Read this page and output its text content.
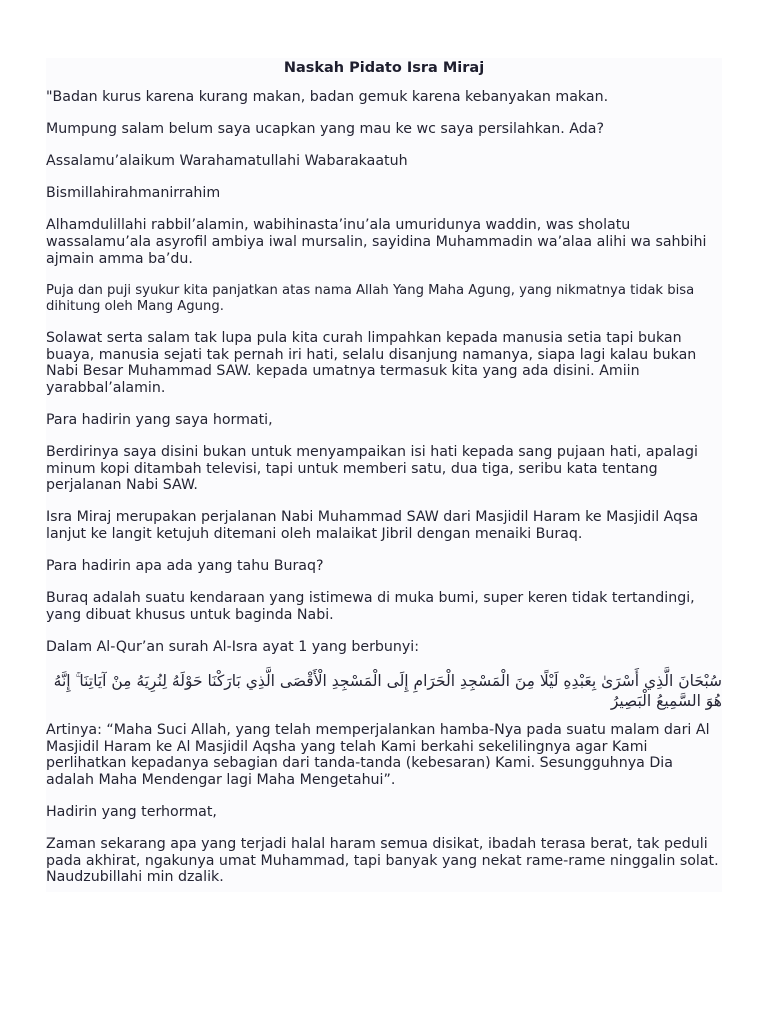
Naskah Pidato Isra Miraj

"Badan kurus karena kurang makan, badan gemuk karena kebanyakan makan.

Mumpung salam belum saya ucapkan yang mau ke wc saya persilahkan. Ada?

Assalamu’alaikum Warahamatullahi Wabarakaatuh

Bismillahirahmanirrahim

Alhamdulillahi rabbil’alamin, wabihinasta’inu’ala umuridunya waddin, was sholatu wassalamu’ala asyrofil ambiya iwal mursalin, sayidina Muhammadin wa’alaa alihi wa sahbihi ajmain amma ba’du.

Puja dan puji syukur kita panjatkan atas nama Allah Yang Maha Agung, yang nikmatnya tidak bisa dihitung oleh Mang Agung.

Solawat serta salam tak lupa pula kita curah limpahkan kepada manusia setia tapi bukan buaya, manusia sejati tak pernah iri hati, selalu disanjung namanya, siapa lagi kalau bukan Nabi Besar Muhammad SAW. kepada umatnya termasuk kita yang ada disini. Amiin yarabbal’alamin.

Para hadirin yang saya hormati,

Berdirinya saya disini bukan untuk menyampaikan isi hati kepada sang pujaan hati, apalagi minum kopi ditambah televisi, tapi untuk memberi satu, dua tiga, seribu kata tentang perjalanan Nabi SAW.

Isra Miraj merupakan perjalanan Nabi Muhammad SAW dari Masjidil Haram ke Masjidil Aqsa lanjut ke langit ketujuh ditemani oleh malaikat Jibril dengan menaiki Buraq.

Para hadirin apa ada yang tahu Buraq?

Buraq adalah suatu kendaraan yang istimewa di muka bumi, super keren tidak tertandingi, yang dibuat khusus untuk baginda Nabi.

Dalam Al-Qur’an surah Al-Isra ayat 1 yang berbunyi:

سُبْحَانَ الَّذِي أَسْرَىٰ بِعَبْدِهِ لَيْلًا مِنَ الْمَسْجِدِ الْحَرَامِ إِلَى الْمَسْجِدِ الْأَقْصَى الَّذِي بَارَكْنَا حَوْلَهُ لِنُرِيَهُ مِنْ آيَاتِنَا ۚ إِنَّهُ هُوَ السَّمِيعُ الْبَصِيرُ

Artinya: “Maha Suci Allah, yang telah memperjalankan hamba-Nya pada suatu malam dari Al Masjidil Haram ke Al Masjidil Aqsha yang telah Kami berkahi sekelilingnya agar Kami perlihatkan kepadanya sebagian dari tanda-tanda (kebesaran) Kami. Sesungguhnya Dia adalah Maha Mendengar lagi Maha Mengetahui”.

Hadirin yang terhormat,

Zaman sekarang apa yang terjadi halal haram semua disikat, ibadah terasa berat, tak peduli pada akhirat, ngakunya umat Muhammad, tapi banyak yang nekat rame-rame ninggalin solat. Naudzubillahi min dzalik.
